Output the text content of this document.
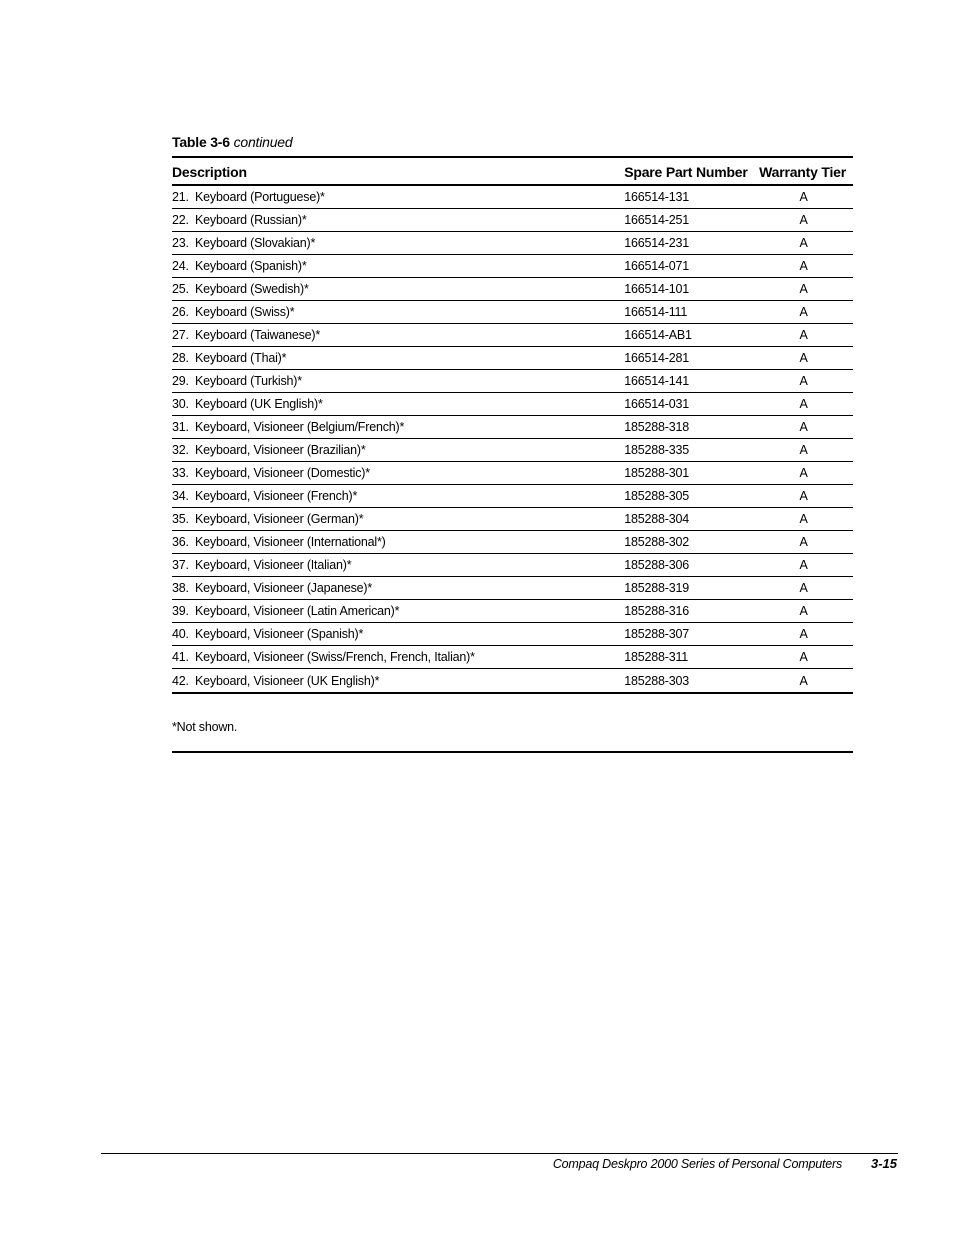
Table 3-6 continued
Description	Spare Part Number	Warranty Tier
21. Keyboard (Portuguese)*	166514-131	A
22. Keyboard (Russian)*	166514-251	A
23. Keyboard (Slovakian)*	166514-231	A
24. Keyboard (Spanish)*	166514-071	A
25. Keyboard (Swedish)*	166514-101	A
26. Keyboard (Swiss)*	166514-111	A
27. Keyboard (Taiwanese)*	166514-AB1	A
28. Keyboard (Thai)*	166514-281	A
29. Keyboard (Turkish)*	166514-141	A
30. Keyboard (UK English)*	166514-031	A
31. Keyboard, Visioneer (Belgium/French)*	185288-318	A
32. Keyboard, Visioneer (Brazilian)*	185288-335	A
33. Keyboard, Visioneer (Domestic)*	185288-301	A
34. Keyboard, Visioneer (French)*	185288-305	A
35. Keyboard, Visioneer (German)*	185288-304	A
36. Keyboard, Visioneer (International*)	185288-302	A
37. Keyboard, Visioneer (Italian)*	185288-306	A
38. Keyboard, Visioneer (Japanese)*	185288-319	A
39. Keyboard, Visioneer (Latin American)*	185288-316	A
40. Keyboard, Visioneer (Spanish)*	185288-307	A
41. Keyboard, Visioneer (Swiss/French, French, Italian)*	185288-311	A
42. Keyboard, Visioneer (UK English)*	185288-303	A
*Not shown.
Compaq Deskpro 2000 Series of Personal Computers 3-15
